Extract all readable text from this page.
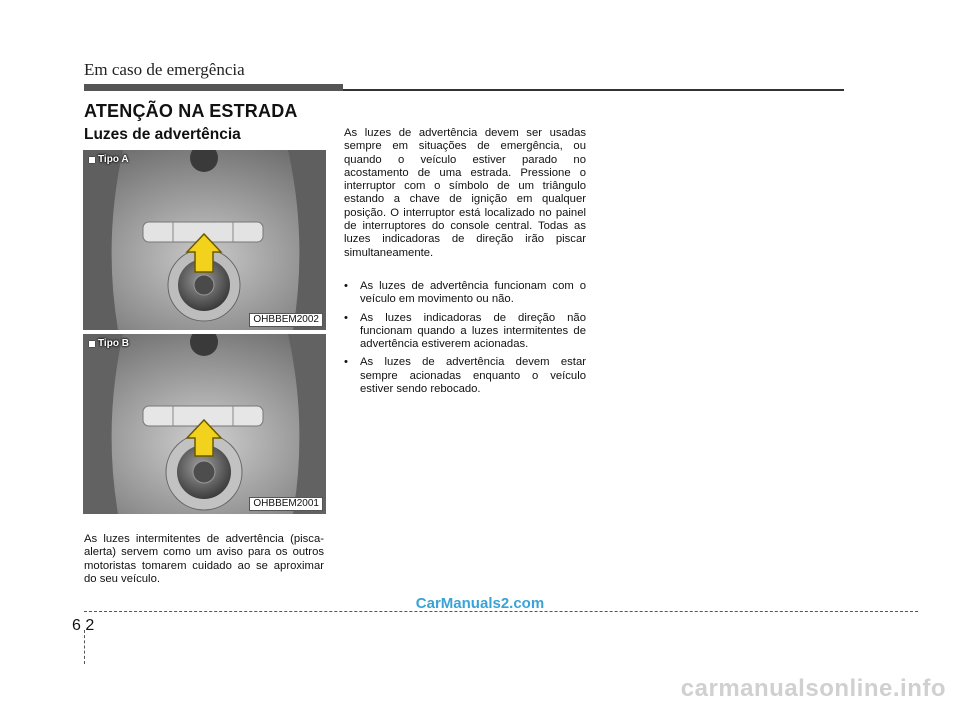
Em caso de emergência
ATENÇÃO NA ESTRADA
Luzes de advertência
Tipo A
OHBBEM2002
Tipo B
OHBBEM2001
As luzes intermitentes de advertência (pisca-alerta) servem como um aviso para os outros motoristas tomarem cuidado ao se aproximar do seu veículo.
As luzes de advertência devem ser usadas sempre em situações de emergência, ou quando o veículo estiver parado no acostamento de uma estrada. Pressione o interruptor com o símbolo de um triângulo estando a chave de ignição em qualquer posição. O interruptor está localizado no painel de interruptores do console central. Todas as luzes indicadoras de direção irão piscar simultaneamente.
• As luzes de advertência funcionam com o veículo em movimento ou não.
• As luzes indicadoras de direção não funcionam quando a luzes intermitentes de advertência estiverem acionadas.
• As luzes de advertência devem estar sempre acionadas enquanto o veículo estiver sendo rebocado.
CarManuals2.com
6 2
carmanualsonline.info
